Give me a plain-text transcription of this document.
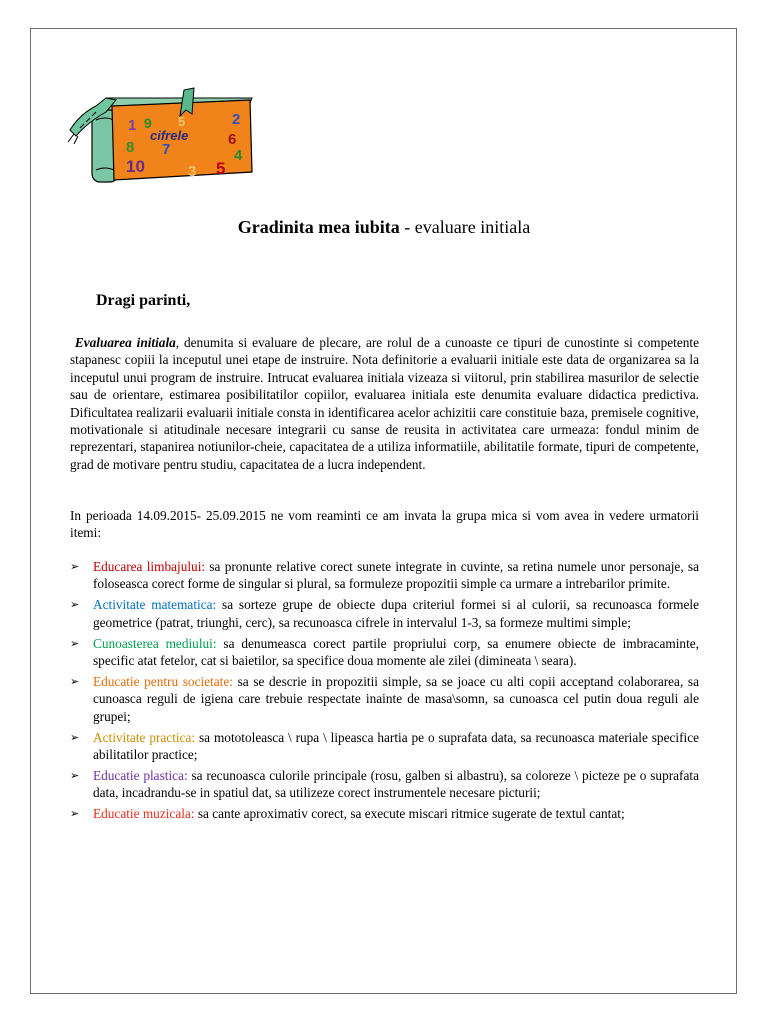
1 9	2
6
8 7	4
5
10	3
5
cifrele
Gradinita mea iubita - evaluare initiala
Dragi parinti,
Evaluarea initiala, denumita si evaluare de plecare, are rolul de a cunoaste ce tipuri de cunostinte si competente stapanesc copiii la inceputul unei etape de instruire. Nota definitorie a evaluarii initiale este data de organizarea sa la inceputul unui program de instruire. Intrucat evaluarea initiala vizeaza si viitorul, prin stabilirea masurilor de selectie sau de orientare, estimarea posibilitatilor copiilor, evaluarea initiala este denumita evaluare didactica predictiva. Dificultatea realizarii evaluarii initiale consta in identificarea acelor achizitii care constituie baza, premisele cognitive, motivationale si atitudinale necesare integrarii cu sanse de reusita in activitatea care urmeaza: fondul minim de reprezentari, stapanirea notiunilor-cheie, capacitatea de a utiliza informatiile, abilitatile formate, tipuri de competente, grad de motivare pentru studiu, capacitatea de a lucra independent.
In perioada 14.09.2015- 25.09.2015 ne vom reaminti ce am invata la grupa mica si vom avea in vedere urmatorii itemi:
➢ Educarea limbajului: sa pronunte relative corect sunete integrate in cuvinte, sa retina numele unor personaje, sa foloseasca corect forme de singular si plural, sa formuleze propozitii simple ca urmare a intrebarilor primite.
➢ Activitate matematica: sa sorteze grupe de obiecte dupa criteriul formei si al culorii, sa recunoasca formele geometrice (patrat, triunghi, cerc), sa recunoasca cifrele in intervalul 1-3, sa formeze multimi simple;
➢ Cunoasterea mediului: sa denumeasca corect partile propriului corp, sa enumere obiecte de imbracaminte, specific atat fetelor, cat si baietilor, sa specifice doua momente ale zilei (dimineata \ seara).
➢ Educatie pentru societate: sa se descrie in propozitii simple, sa se joace cu alti copii acceptand colaborarea, sa cunoasca reguli de igiena care trebuie respectate inainte de masa\somn, sa cunoasca cel putin doua reguli ale grupei;
➢ Activitate practica: sa mototoleasca \ rupa \ lipeasca hartia pe o suprafata data, sa recunoasca materiale specifice abilitatilor practice;
➢ Educatie plastica: sa recunoasca culorile principale (rosu, galben si albastru), sa coloreze \ picteze pe o suprafata data, incadrandu-se in spatiul dat, sa utilizeze corect instrumentele necesare picturii;
➢ Educatie muzicala: sa cante aproximativ corect, sa execute miscari ritmice sugerate de textul cantat;
